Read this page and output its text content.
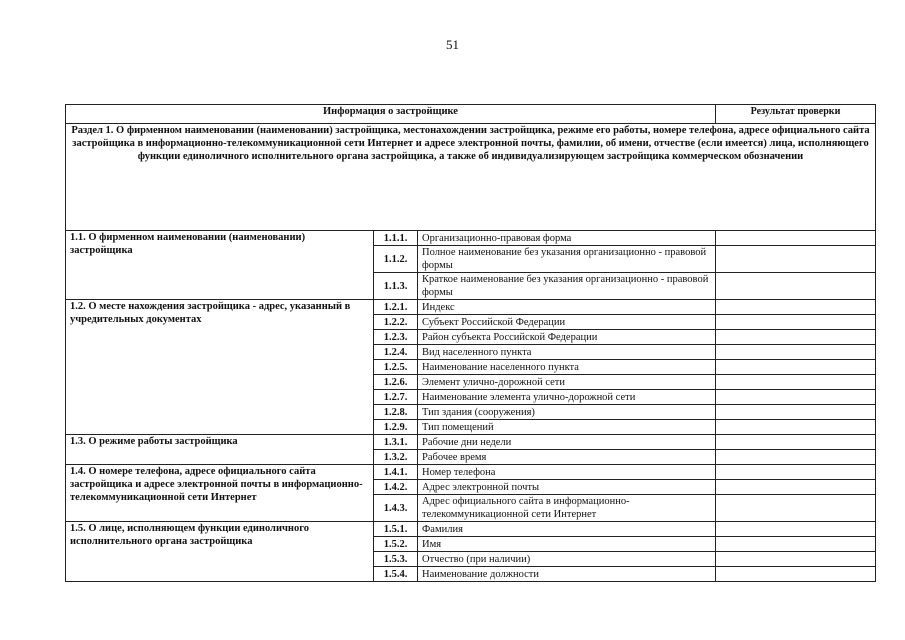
51
Информация о застройщике			Результат проверки
Раздел 1. О фирменном наименовании (наименовании) застройщика, местонахождении застройщика, режиме его работы, номере телефона, адресе официального сайта застройщика в информационно-телекоммуникационной сети Интернет и адресе электронной почты, фамилии, об имени, отчестве (если имеется) лица, исполняющего функции единоличного исполнительного органа застройщика, а также об индивидуализирующем застройщика коммерческом обозначении			
1.1. О фирменном наименовании (наименовании) застройщика	1.1.1.	Организационно-правовая форма	
	1.1.2.	Полное наименование без указания организационно - правовой формы	
	1.1.3.	Краткое наименование без указания организационно - правовой формы	
1.2. О месте нахождения застройщика - адрес, указанный в учредительных документах	1.2.1.	Индекс	
	1.2.2.	Субъект Российской Федерации	
	1.2.3.	Район субъекта Российской Федерации	
	1.2.4.	Вид населенного пункта	
	1.2.5.	Наименование населенного пункта	
	1.2.6.	Элемент улично-дорожной сети	
	1.2.7.	Наименование элемента улично-дорожной сети	
	1.2.8.	Тип здания (сооружения)	
	1.2.9.	Тип помещений	
1.3. О режиме работы застройщика	1.3.1.	Рабочие дни недели	
	1.3.2.	Рабочее время	
1.4. О номере телефона, адресе официального сайта застройщика и адресе электронной почты в информационно-телекоммуникационной сети Интернет	1.4.1.	Номер телефона	
	1.4.2.	Адрес электронной почты	
	1.4.3.	Адрес официального сайта в информационно-телекоммуникационной сети Интернет	
1.5. О лице, исполняющем функции единоличного исполнительного органа застройщика	1.5.1.	Фамилия	
	1.5.2.	Имя	
	1.5.3.	Отчество (при наличии)	
	1.5.4.	Наименование должности	
